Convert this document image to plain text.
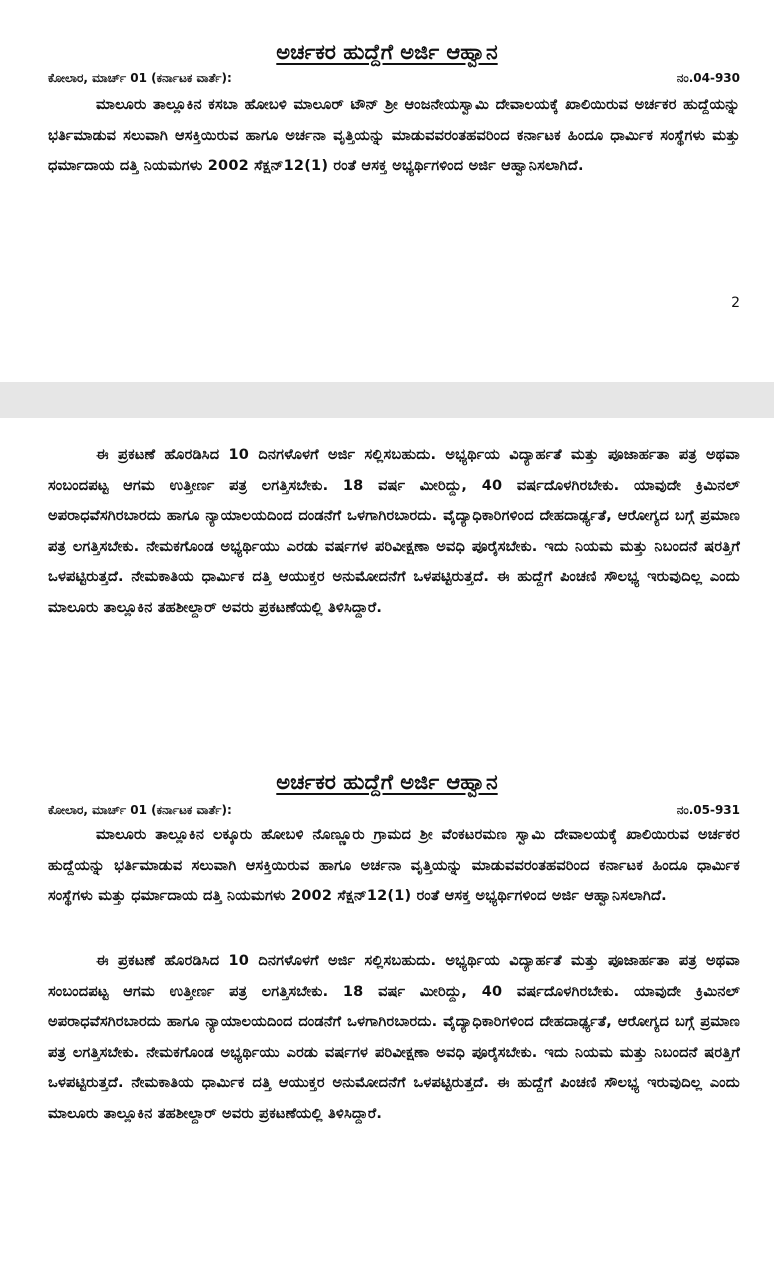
ಅರ್ಚಕರ ಹುದ್ದೆಗೆ ಅರ್ಜಿ ಆಹ್ವಾನ
ಕೋಲಾರ, ಮಾರ್ಚ್ 01 (ಕರ್ನಾಟಕ ವಾರ್ತೆ):	ನಂ.04-930
ಮಾಲೂರು ತಾಲ್ಲೂಕಿನ ಕಸಬಾ ಹೋಬಳಿ ಮಾಲೂರ್ ಟೌನ್ ಶ್ರೀ ಆಂಜನೇಯಸ್ವಾಮಿ ದೇವಾಲಯಕ್ಕೆ ಖಾಲಿಯಿರುವ ಅರ್ಚಕರ ಹುದ್ದೆಯನ್ನು ಭರ್ತಿಮಾಡುವ ಸಲುವಾಗಿ ಆಸಕ್ತಿಯಿರುವ ಹಾಗೂ ಅರ್ಚನಾ ವೃತ್ತಿಯನ್ನು ಮಾಡುವವರಂತಹವರಿಂದ ಕರ್ನಾಟಕ ಹಿಂದೂ ಧಾರ್ಮಿಕ ಸಂಸ್ಥೆಗಳು ಮತ್ತು ಧರ್ಮಾದಾಯ ದತ್ತಿ ನಿಯಮಗಳು 2002 ಸೆಕ್ಷನ್12(1) ರಂತೆ ಆಸಕ್ತ ಅಭ್ಯರ್ಥಿಗಳಿಂದ ಅರ್ಜಿ ಆಹ್ವಾನಿಸಲಾಗಿದೆ.
2
ಈ ಪ್ರಕಟಣೆ ಹೊರಡಿಸಿದ 10 ದಿನಗಳೊಳಗೆ ಅರ್ಜಿ ಸಲ್ಲಿಸಬಹುದು. ಅಭ್ಯರ್ಥಿಯ ವಿದ್ಯಾರ್ಹತೆ ಮತ್ತು ಪೂಜಾರ್ಹತಾ ಪತ್ರ ಅಥವಾ ಸಂಬಂದಪಟ್ಟ ಆಗಮ ಉತ್ತೀರ್ಣ ಪತ್ರ ಲಗತ್ತಿಸಬೇಕು. 18 ವರ್ಷ ಮೀರಿದ್ದು, 40 ವರ್ಷದೊಳಗಿರಬೇಕು. ಯಾವುದೇ ಕ್ರಿಮಿನಲ್ ಅಪರಾಧವೆಸಗಿರಬಾರದು ಹಾಗೂ ನ್ಯಾಯಾಲಯದಿಂದ ದಂಡನೆಗೆ ಒಳಗಾಗಿರಬಾರದು. ವೈದ್ಯಾಧಿಕಾರಿಗಳಿಂದ ದೇಹದಾರ್ಢ್ಯತೆ, ಆರೋಗ್ಯದ ಬಗ್ಗೆ ಪ್ರಮಾಣ ಪತ್ರ ಲಗತ್ತಿಸಬೇಕು. ನೇಮಕಗೊಂಡ ಅಭ್ಯರ್ಥಿಯು ಎರಡು ವರ್ಷಗಳ ಪರಿವೀಕ್ಷಣಾ ಅವಧಿ ಪೂರೈಸಬೇಕು. ಇದು ನಿಯಮ ಮತ್ತು ನಿಬಂದನೆ ಷರತ್ತಿಗೆ ಒಳಪಟ್ಟಿರುತ್ತದೆ. ನೇಮಕಾತಿಯ ಧಾರ್ಮಿಕ ದತ್ತಿ ಆಯುಕ್ತರ ಅನುಮೋದನೆಗೆ ಒಳಪಟ್ಟಿರುತ್ತದೆ. ಈ ಹುದ್ದೆಗೆ ಪಿಂಚಣಿ ಸೌಲಭ್ಯ ಇರುವುದಿಲ್ಲ ಎಂದು ಮಾಲೂರು ತಾಲ್ಲೂಕಿನ ತಹಶೀಲ್ದಾರ್ ಅವರು ಪ್ರಕಟಣೆಯಲ್ಲಿ ತಿಳಿಸಿದ್ದಾರೆ.
ಅರ್ಚಕರ ಹುದ್ದೆಗೆ ಅರ್ಜಿ ಆಹ್ವಾನ
ಕೋಲಾರ, ಮಾರ್ಚ್ 01 (ಕರ್ನಾಟಕ ವಾರ್ತೆ):	ನಂ.05-931
ಮಾಲೂರು ತಾಲ್ಲೂಕಿನ ಲಕ್ಕೂರು ಹೋಬಳಿ ನೊಣ್ಣೂರು ಗ್ರಾಮದ ಶ್ರೀ ವೆಂಕಟರಮಣ ಸ್ವಾಮಿ ದೇವಾಲಯಕ್ಕೆ ಖಾಲಿಯಿರುವ ಅರ್ಚಕರ ಹುದ್ದೆಯನ್ನು ಭರ್ತಿಮಾಡುವ ಸಲುವಾಗಿ ಆಸಕ್ತಿಯಿರುವ ಹಾಗೂ ಅರ್ಚನಾ ವೃತ್ತಿಯನ್ನು ಮಾಡುವವರಂತಹವರಿಂದ ಕರ್ನಾಟಕ ಹಿಂದೂ ಧಾರ್ಮಿಕ ಸಂಸ್ಥೆಗಳು ಮತ್ತು ಧರ್ಮಾದಾಯ ದತ್ತಿ ನಿಯಮಗಳು 2002 ಸೆಕ್ಷನ್12(1) ರಂತೆ ಆಸಕ್ತ ಅಭ್ಯರ್ಥಿಗಳಿಂದ ಅರ್ಜಿ ಆಹ್ವಾನಿಸಲಾಗಿದೆ.
ಈ ಪ್ರಕಟಣೆ ಹೊರಡಿಸಿದ 10 ದಿನಗಳೊಳಗೆ ಅರ್ಜಿ ಸಲ್ಲಿಸಬಹುದು. ಅಭ್ಯರ್ಥಿಯ ವಿದ್ಯಾರ್ಹತೆ ಮತ್ತು ಪೂಜಾರ್ಹತಾ ಪತ್ರ ಅಥವಾ ಸಂಬಂದಪಟ್ಟ ಆಗಮ ಉತ್ತೀರ್ಣ ಪತ್ರ ಲಗತ್ತಿಸಬೇಕು. 18 ವರ್ಷ ಮೀರಿದ್ದು, 40 ವರ್ಷದೊಳಗಿರಬೇಕು. ಯಾವುದೇ ಕ್ರಿಮಿನಲ್ ಅಪರಾಧವೆಸಗಿರಬಾರದು ಹಾಗೂ ನ್ಯಾಯಾಲಯದಿಂದ ದಂಡನೆಗೆ ಒಳಗಾಗಿರಬಾರದು. ವೈದ್ಯಾಧಿಕಾರಿಗಳಿಂದ ದೇಹದಾರ್ಢ್ಯತೆ, ಆರೋಗ್ಯದ ಬಗ್ಗೆ ಪ್ರಮಾಣ ಪತ್ರ ಲಗತ್ತಿಸಬೇಕು. ನೇಮಕಗೊಂಡ ಅಭ್ಯರ್ಥಿಯು ಎರಡು ವರ್ಷಗಳ ಪರಿವೀಕ್ಷಣಾ ಅವಧಿ ಪೂರೈಸಬೇಕು. ಇದು ನಿಯಮ ಮತ್ತು ನಿಬಂದನೆ ಷರತ್ತಿಗೆ ಒಳಪಟ್ಟಿರುತ್ತದೆ. ನೇಮಕಾತಿಯ ಧಾರ್ಮಿಕ ದತ್ತಿ ಆಯುಕ್ತರ ಅನುಮೋದನೆಗೆ ಒಳಪಟ್ಟಿರುತ್ತದೆ. ಈ ಹುದ್ದೆಗೆ ಪಿಂಚಣಿ ಸೌಲಭ್ಯ ಇರುವುದಿಲ್ಲ ಎಂದು ಮಾಲೂರು ತಾಲ್ಲೂಕಿನ ತಹಶೀಲ್ದಾರ್ ಅವರು ಪ್ರಕಟಣೆಯಲ್ಲಿ ತಿಳಿಸಿದ್ದಾರೆ.
